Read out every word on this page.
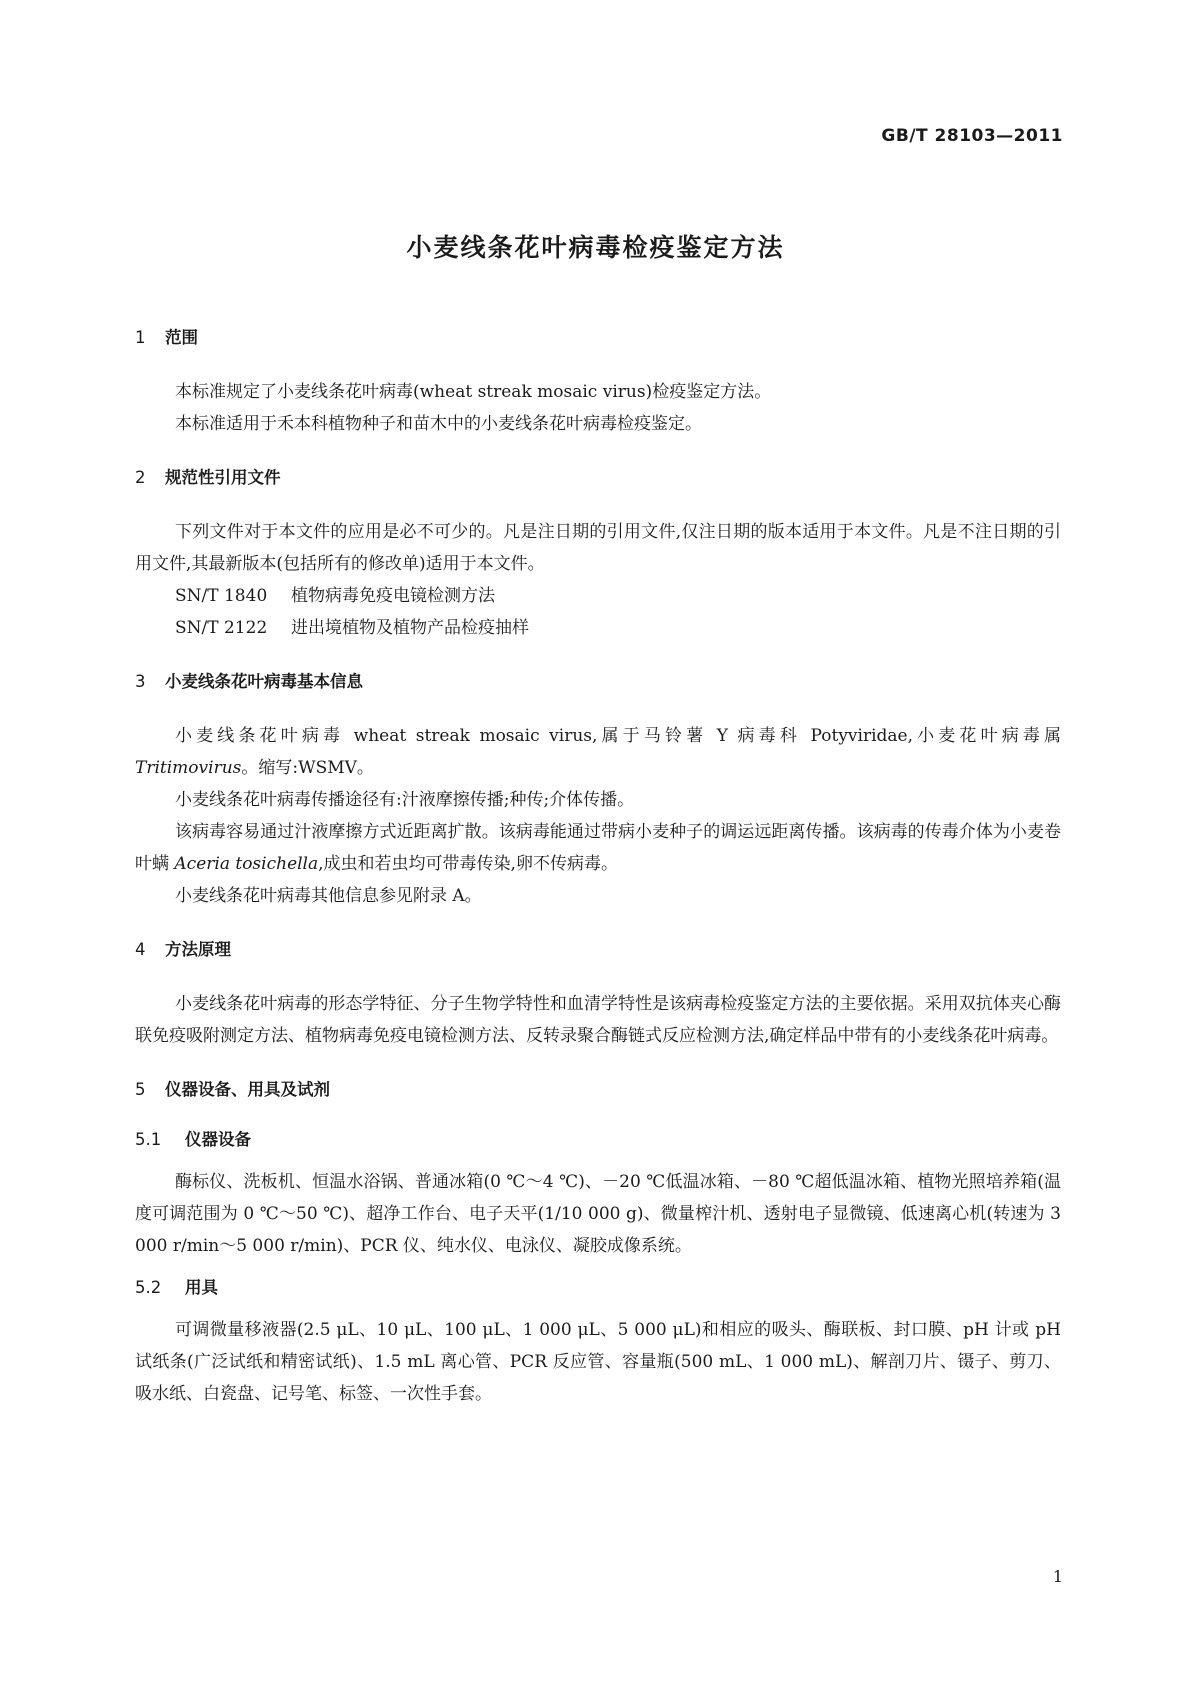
GB/T 28103—2011
小麦线条花叶病毒检疫鉴定方法
1 范围

本标准规定了小麦线条花叶病毒(wheat streak mosaic virus)检疫鉴定方法。

本标准适用于禾本科植物种子和苗木中的小麦线条花叶病毒检疫鉴定。

2 规范性引用文件

下列文件对于本文件的应用是必不可少的。凡是注日期的引用文件,仅注日期的版本适用于本文件。凡是不注日期的引用文件,其最新版本(包括所有的修改单)适用于本文件。

SN/T 1840 植物病毒免疫电镜检测方法

SN/T 2122 进出境植物及植物产品检疫抽样

3 小麦线条花叶病毒基本信息

小麦线条花叶病毒 wheat streak mosaic virus,属于马铃薯 Y 病毒科 Potyviridae,小麦花叶病毒属 Tritimovirus。缩写:WSMV。

小麦线条花叶病毒传播途径有:汁液摩擦传播;种传;介体传播。

该病毒容易通过汁液摩擦方式近距离扩散。该病毒能通过带病小麦种子的调运远距离传播。该病毒的传毒介体为小麦卷叶螨 Aceria tosichella,成虫和若虫均可带毒传染,卵不传病毒。

小麦线条花叶病毒其他信息参见附录 A。

4 方法原理

小麦线条花叶病毒的形态学特征、分子生物学特性和血清学特性是该病毒检疫鉴定方法的主要依据。采用双抗体夹心酶联免疫吸附测定方法、植物病毒免疫电镜检测方法、反转录聚合酶链式反应检测方法,确定样品中带有的小麦线条花叶病毒。

5 仪器设备、用具及试剂
5.1 仪器设备

酶标仪、洗板机、恒温水浴锅、普通冰箱(0 ℃～4 ℃)、－20 ℃低温冰箱、－80 ℃超低温冰箱、植物光照培养箱(温度可调范围为 0 ℃～50 ℃)、超净工作台、电子天平(1/10 000 g)、微量榨汁机、透射电子显微镜、低速离心机(转速为 3 000 r/min～5 000 r/min)、PCR 仪、纯水仪、电泳仪、凝胶成像系统。

5.2 用具

可调微量移液器(2.5 μL、10 μL、100 μL、1 000 μL、5 000 μL)和相应的吸头、酶联板、封口膜、pH 计或 pH 试纸条(广泛试纸和精密试纸)、1.5 mL 离心管、PCR 反应管、容量瓶(500 mL、1 000 mL)、解剖刀片、镊子、剪刀、吸水纸、白瓷盘、记号笔、标签、一次性手套。

1
